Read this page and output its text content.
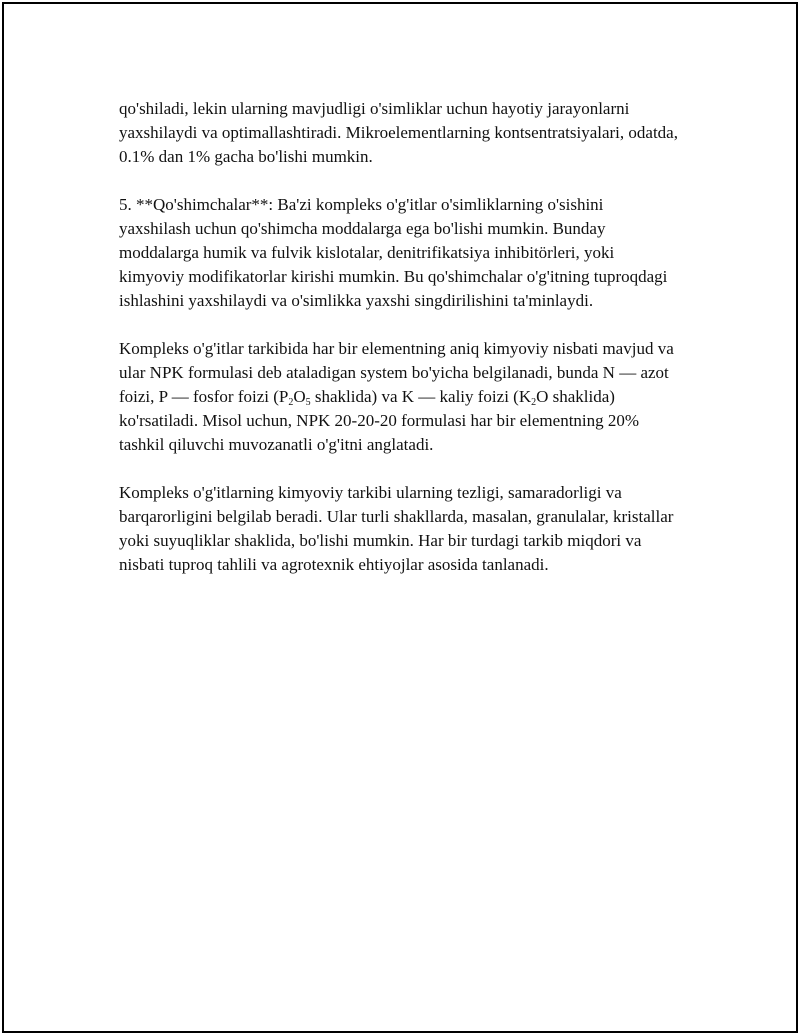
qo'shiladi, lekin ularning mavjudligi o'simliklar uchun hayotiy jarayonlarni yaxshilaydi va optimallashtiradi. Mikroelementlarning kontsentratsiyalari, odatda, 0.1% dan 1% gacha bo'lishi mumkin.

5. **Qo'shimchalar**: Ba'zi kompleks o'g'itlar o'simliklarning o'sishini yaxshilash uchun qo'shimcha moddalarga ega bo'lishi mumkin. Bunday moddalarga humik va fulvik kislotalar, denitrifikatsiya inhibitörleri, yoki kimyoviy modifikatorlar kirishi mumkin. Bu qo'shimchalar o'g'itning tuproqdagi ishlashini yaxshilaydi va o'simlikka yaxshi singdirilishini ta'minlaydi.

Kompleks o'g'itlar tarkibida har bir elementning aniq kimyoviy nisbati mavjud va ular NPK formulasi deb ataladigan system bo'yicha belgilanadi, bunda N — azot foizi, P — fosfor foizi ($P_2O_5$ shaklida) va K — kaliy foizi ($K_2O$ shaklida) ko'rsatiladi. Misol uchun, NPK 20-20-20 formulasi har bir elementning 20% tashkil qiluvchi muvozanatli o'g'itni anglatadi.

Kompleks o'g'itlarning kimyoviy tarkibi ularning tezligi, samaradorligi va barqarorligini belgilab beradi. Ular turli shakllarda, masalan, granulalar, kristallar yoki suyuqliklar shaklida, bo'lishi mumkin. Har bir turdagi tarkib miqdori va nisbati tuproq tahlili va agrotexnik ehtiyojlar asosida tanlanadi.
